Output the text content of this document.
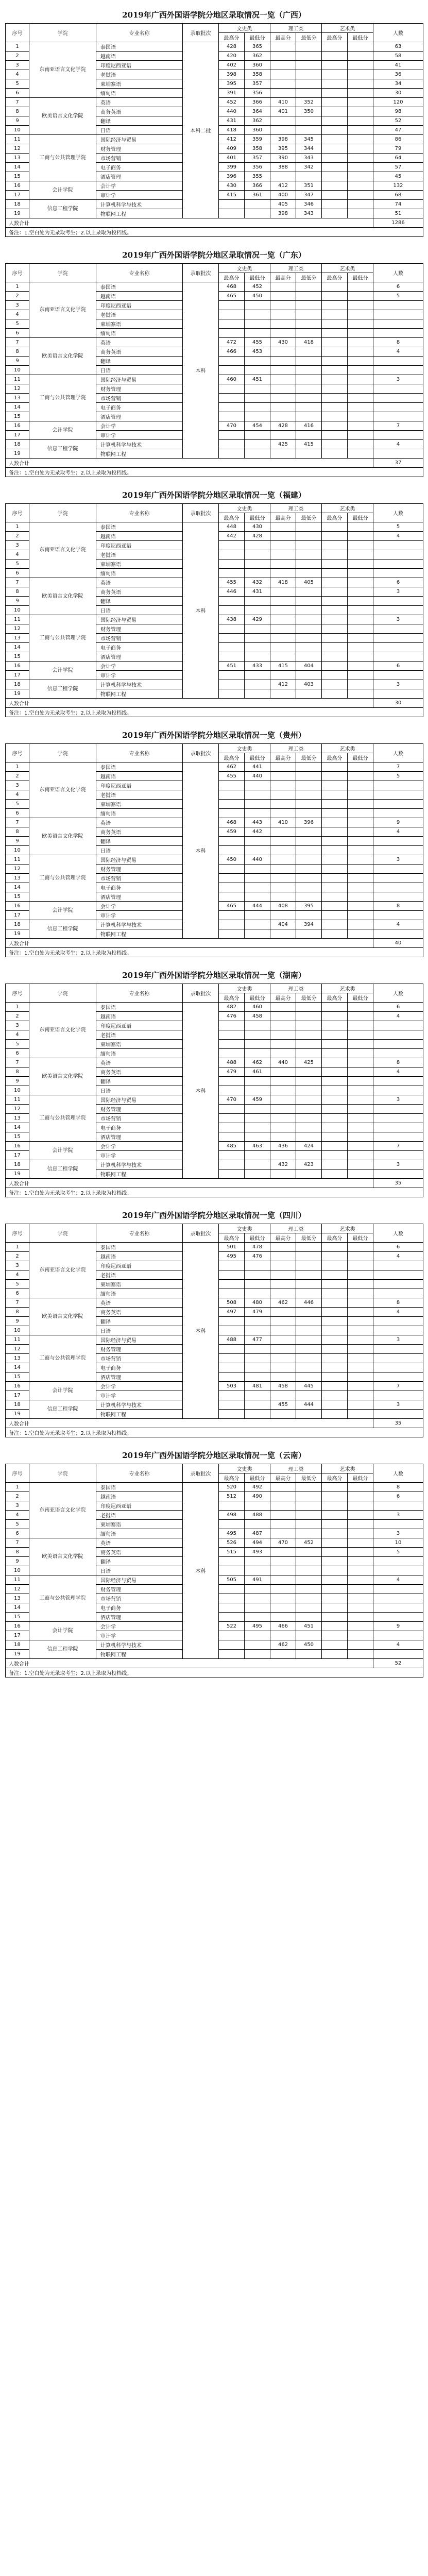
2019年广西外国语学院分地区录取情况一览（广西）
序号	学院	专业名称	录取批次	文史类		理工类		艺术类		人数
				最高分	最低分	最高分	最低分	最高分	最低分	
1	东南亚语言文化学院	泰国语	本科二批	428	365					63
2		越南语		420	362					58
3		印度尼西亚语		402	360					41
4		老挝语		398	358					36
5		柬埔寨语		395	357					34
6		缅甸语		391	356					30
7	欧美语言文化学院	英语		452	366	410	352			120
8		商务英语		440	364	401	350			98
9		翻译		431	362					52
10		日语		418	360					47
11	工商与公共管理学院	国际经济与贸易		412	359	398	345			86
12		财务管理		409	358	395	344			79
13		市场营销		401	357	390	343			64
14		电子商务		399	356	388	342			57
15		酒店管理		396	355					45
16	会计学院	会计学		430	366	412	351			132
17		审计学		415	361	400	347			68
18	信息工程学院	计算机科学与技术				405	346			74
19		物联网工程				398	343			51
人数合计										1286
备注：1.空白处为无录取考生；2.以上录取为投档线。										
2019年广西外国语学院分地区录取情况一览（广东）
序号	学院	专业名称	录取批次	文史类		理工类		艺术类		人数
				最高分	最低分	最高分	最低分	最高分	最低分	
1	东南亚语言文化学院	泰国语	本科	468	452					6
2		越南语		465	450					5
3		印度尼西亚语								
4		老挝语								
5		柬埔寨语								
6		缅甸语								
7	欧美语言文化学院	英语		472	455	430	418			8
8		商务英语		466	453					4
9		翻译								
10		日语								
11	工商与公共管理学院	国际经济与贸易		460	451					3
12		财务管理								
13		市场营销								
14		电子商务								
15		酒店管理								
16	会计学院	会计学		470	454	428	416			7
17		审计学								
18	信息工程学院	计算机科学与技术				425	415			4
19		物联网工程								
人数合计										37
备注：1.空白处为无录取考生；2.以上录取为投档线。										
2019年广西外国语学院分地区录取情况一览（福建）
序号	学院	专业名称	录取批次	文史类		理工类		艺术类		人数
				最高分	最低分	最高分	最低分	最高分	最低分	
1	东南亚语言文化学院	泰国语	本科	448	430					5
2		越南语		442	428					4
3		印度尼西亚语								
4		老挝语								
5		柬埔寨语								
6		缅甸语								
7	欧美语言文化学院	英语		455	432	418	405			6
8		商务英语		446	431					3
9		翻译								
10		日语								
11	工商与公共管理学院	国际经济与贸易		438	429					3
12		财务管理								
13		市场营销								
14		电子商务								
15		酒店管理								
16	会计学院	会计学		451	433	415	404			6
17		审计学								
18	信息工程学院	计算机科学与技术				412	403			3
19		物联网工程								
人数合计										30
备注：1.空白处为无录取考生；2.以上录取为投档线。										
2019年广西外国语学院分地区录取情况一览（贵州）
序号	学院	专业名称	录取批次	文史类		理工类		艺术类		人数
				最高分	最低分	最高分	最低分	最高分	最低分	
1	东南亚语言文化学院	泰国语	本科	462	441					7
2		越南语		455	440					5
3		印度尼西亚语								
4		老挝语								
5		柬埔寨语								
6		缅甸语								
7	欧美语言文化学院	英语		468	443	410	396			9
8		商务英语		459	442					4
9		翻译								
10		日语								
11	工商与公共管理学院	国际经济与贸易		450	440					3
12		财务管理								
13		市场营销								
14		电子商务								
15		酒店管理								
16	会计学院	会计学		465	444	408	395			8
17		审计学								
18	信息工程学院	计算机科学与技术				404	394			4
19		物联网工程								
人数合计										40
备注：1.空白处为无录取考生；2.以上录取为投档线。										
2019年广西外国语学院分地区录取情况一览（湖南）
序号	学院	专业名称	录取批次	文史类		理工类		艺术类		人数
				最高分	最低分	最高分	最低分	最高分	最低分	
1	东南亚语言文化学院	泰国语	本科	482	460					6
2		越南语		476	458					4
3		印度尼西亚语								
4		老挝语								
5		柬埔寨语								
6		缅甸语								
7	欧美语言文化学院	英语		488	462	440	425			8
8		商务英语		479	461					4
9		翻译								
10		日语								
11	工商与公共管理学院	国际经济与贸易		470	459					3
12		财务管理								
13		市场营销								
14		电子商务								
15		酒店管理								
16	会计学院	会计学		485	463	436	424			7
17		审计学								
18	信息工程学院	计算机科学与技术				432	423			3
19		物联网工程								
人数合计										35
备注：1.空白处为无录取考生；2.以上录取为投档线。										
2019年广西外国语学院分地区录取情况一览（四川）
序号	学院	专业名称	录取批次	文史类		理工类		艺术类		人数
				最高分	最低分	最高分	最低分	最高分	最低分	
1	东南亚语言文化学院	泰国语	本科	501	478					6
2		越南语		495	476					4
3		印度尼西亚语								
4		老挝语								
5		柬埔寨语								
6		缅甸语								
7	欧美语言文化学院	英语		508	480	462	446			8
8		商务英语		497	479					4
9		翻译								
10		日语								
11	工商与公共管理学院	国际经济与贸易		488	477					3
12		财务管理								
13		市场营销								
14		电子商务								
15		酒店管理								
16	会计学院	会计学		503	481	458	445			7
17		审计学								
18	信息工程学院	计算机科学与技术				455	444			3
19		物联网工程								
人数合计										35
备注：1.空白处为无录取考生；2.以上录取为投档线。										
2019年广西外国语学院分地区录取情况一览（云南）
序号	学院	专业名称	录取批次	文史类		理工类		艺术类		人数
				最高分	最低分	最高分	最低分	最高分	最低分	
1	东南亚语言文化学院	泰国语	本科	520	492					8
2		越南语		512	490					6
3		印度尼西亚语								
4		老挝语		498	488					3
5		柬埔寨语								
6		缅甸语		495	487					3
7	欧美语言文化学院	英语		526	494	470	452			10
8		商务英语		515	493					5
9		翻译								
10		日语								
11	工商与公共管理学院	国际经济与贸易		505	491					4
12		财务管理								
13		市场营销								
14		电子商务								
15		酒店管理								
16	会计学院	会计学		522	495	466	451			9
17		审计学								
18	信息工程学院	计算机科学与技术				462	450			4
19		物联网工程								
人数合计										52
备注：1.空白处为无录取考生；2.以上录取为投档线。										
